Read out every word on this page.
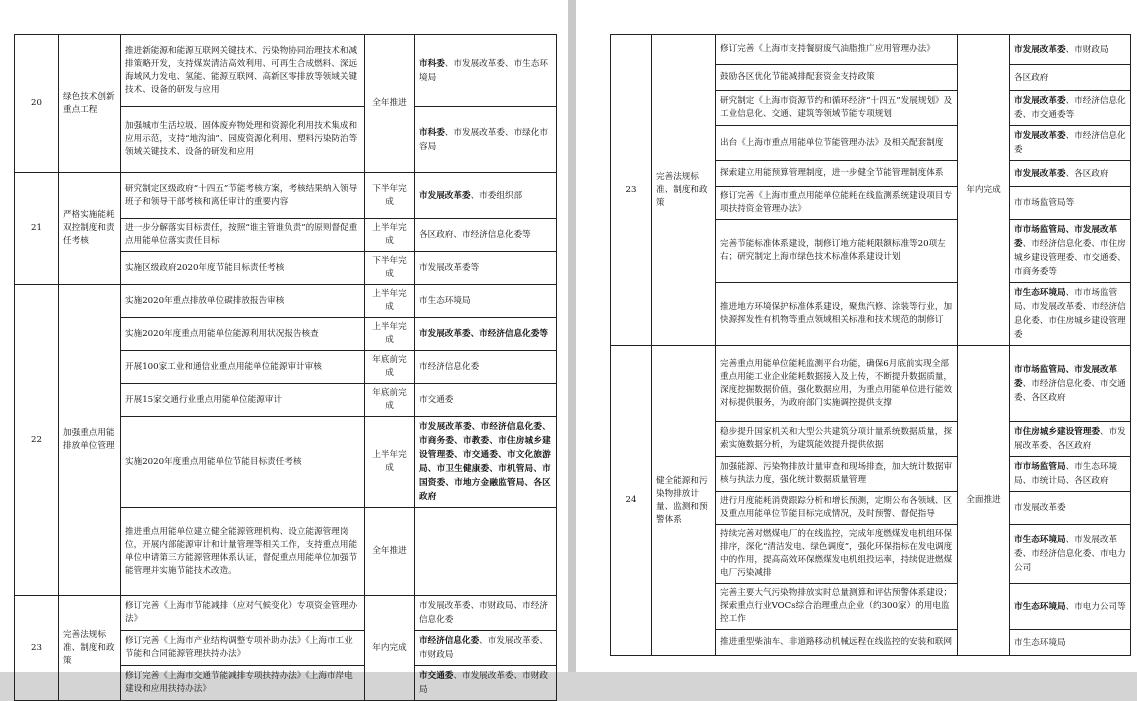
20	绿色技术创新重点工程	推进新能源和能源互联网关键技术、污染物协同治理技术和减排策略开发，支持煤炭清洁高效利用、可再生合成燃料、深远海域风力发电、氢能、能源互联网、高新区零排放等领域关键技术、设备的研发与应用	全年推进	市科委、市发展改革委、市生态环境局
		加强城市生活垃圾、固体废弃物处理和资源化利用技术集成和应用示范，支持“地沟油”、园废资源化利用、塑料污染防治等领域关键技术、设备的研发和应用		市科委、市发展改革委、市绿化市容局
21	严格实施能耗双控制度和责任考核	研究制定区级政府“十四五”节能考核方案，考核结果纳入领导班子和领导干部考核和离任审计的重要内容	下半年完成	市发展改革委、市委组织部
		进一步分解落实目标责任，按照“谁主管谁负责”的原则督促重点用能单位落实责任目标	上半年完成	各区政府、市经济信息化委等
		实施区级政府2020年度节能目标责任考核	下半年完成	市发展改革委等
22	加强重点用能排放单位管理	实施2020年重点排放单位碳排放报告审核	上半年完成	市生态环境局
		实施2020年度重点用能单位能源利用状况报告核查	上半年完成	市发展改革委、市经济信息化委等
		开展100家工业和通信业重点用能单位能源审计审核	年底前完成	市经济信息化委
		开展15家交通行业重点用能单位能源审计	年底前完成	市交通委
		实施2020年度重点用能单位节能目标责任考核	上半年完成	市发展改革委、市经济信息化委、市商务委、市教委、市住房城乡建设管理委、市交通委、市文化旅游局、市卫生健康委、市机管局、市国资委、市地方金融监管局、各区政府
		推进重点用能单位建立健全能源管理机构、设立能源管理岗位，开展内部能源审计和计量管理等相关工作，支持重点用能单位申请第三方能源管理体系认证，督促重点用能单位加强节能管理并实施节能技术改造。	全年推进	
23	完善法规标准、制度和政策	修订完善《上海市节能减排（应对气候变化）专项资金管理办法》	年内完成	市发展改革委、市财政局、市经济信息化委
		修订完善《上海市产业结构调整专项补助办法》《上海市工业节能和合同能源管理扶持办法》		市经济信息化委、市发展改革委、市财政局
		修订完善《上海市交通节能减排专项扶持办法》《上海市岸电建设和应用扶持办法》		市交通委、市发展改革委、市财政局
23	完善法规标准、制度和政策	修订完善《上海市支持餐厨废气油脂推广应用管理办法》	年内完成	市发展改革委、市财政局
		鼓励各区优化节能减排配套资金支持政策		各区政府
		研究制定《上海市资源节约和循环经济“十四五”发展规划》及工业信息化、交通、建筑等领域节能专项规划		市发展改革委、市经济信息化委、市交通委等
		出台《上海市重点用能单位节能管理办法》及相关配套制度		市发展改革委、市经济信息化委
		探索建立用能预算管理制度，进一步健全节能管理制度体系		市发展改革委、各区政府
		修订完善《上海市重点用能单位能耗在线监测系统建设项目专项扶持资金管理办法》		市市场监管局等
		完善节能标准体系建设，制修订地方能耗限额标准等20项左右；研究制定上海市绿色技术标准体系建设计划		市市场监管局、市发展改革委、市经济信息化委、市住房城乡建设管理委、市交通委、市商务委等
		推进地方环境保护标准体系建设，聚焦汽修、涂装等行业，加快源挥发性有机物等重点领域相关标准和技术规范的制修订		市生态环境局、市市场监管局、市发展改革委、市经济信息化委、市住房城乡建设管理委
24	健全能源和污染物排放计量、监测和预警体系	完善重点用能单位能耗监测平台功能，确保6月底前实现全部重点用能工业企业能耗数据接入及上传，不断提升数据质量，深度挖掘数据价值，强化数据应用，为重点用能单位进行能效对标提供服务，为政府部门实施调控提供支撑	全面推进	市市场监管局、市发展改革委、市经济信息化委、市交通委、各区政府
		稳步提升国家机关和大型公共建筑分项计量系统数据质量，探索实施数据分析，为建筑能效提升提供依据		市住房城乡建设管理委、市发展改革委、各区政府
		加强能源、污染物排放计量审查和现场排查，加大统计数据审核与执法力度，强化统计数据质量管理		市市场监管局、市生态环境局、市统计局、各区政府
		进行月度能耗消费跟踪分析和增长预测，定期公布各领域、区及重点用能单位节能目标完成情况，及时预警、督促指导		市发展改革委
		持续完善对燃煤电厂的在线监控，完成年度燃煤发电机组环保排序，深化“清洁发电、绿色调度”，强化环保指标在发电调度中的作用，提高高效环保燃煤发电机组投运率，持续促进燃煤电厂污染减排		市生态环境局、市发展改革委、市经济信息化委、市电力公司
		完善主要大气污染物排放实时总量测算和评估预警体系建设；探索重点行业VOCs综合治理重点企业（约300家）的用电监控工作		市生态环境局、市电力公司等
		推进重型柴油车、非道路移动机械远程在线监控的安装和联网		市生态环境局
